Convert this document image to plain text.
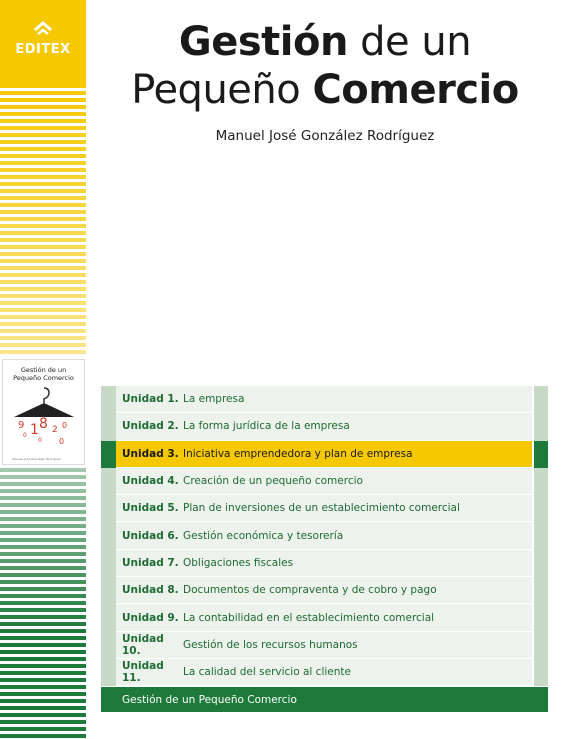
EDITEX
Gestión de un
Pequeño Comercio
9 1 8 2 0
0
0 0
Manuel José González Rodríguez
Gestión de un
Pequeño Comercio
Manuel José González Rodríguez
Unidad 1. La empresa
Unidad 2. La forma jurídica de la empresa
Unidad 3. Iniciativa emprendedora y plan de empresa
Unidad 4. Creación de un pequeño comercio
Unidad 5. Plan de inversiones de un establecimiento comercial
Unidad 6. Gestión económica y tesorería
Unidad 7. Obligaciones fiscales
Unidad 8. Documentos de compraventa y de cobro y pago
Unidad 9. La contabilidad en el establecimiento comercial
Unidad 10.	Gestión de los recursos humanos
Unidad 11.	La calidad del servicio al cliente
Gestión de un Pequeño Comercio
